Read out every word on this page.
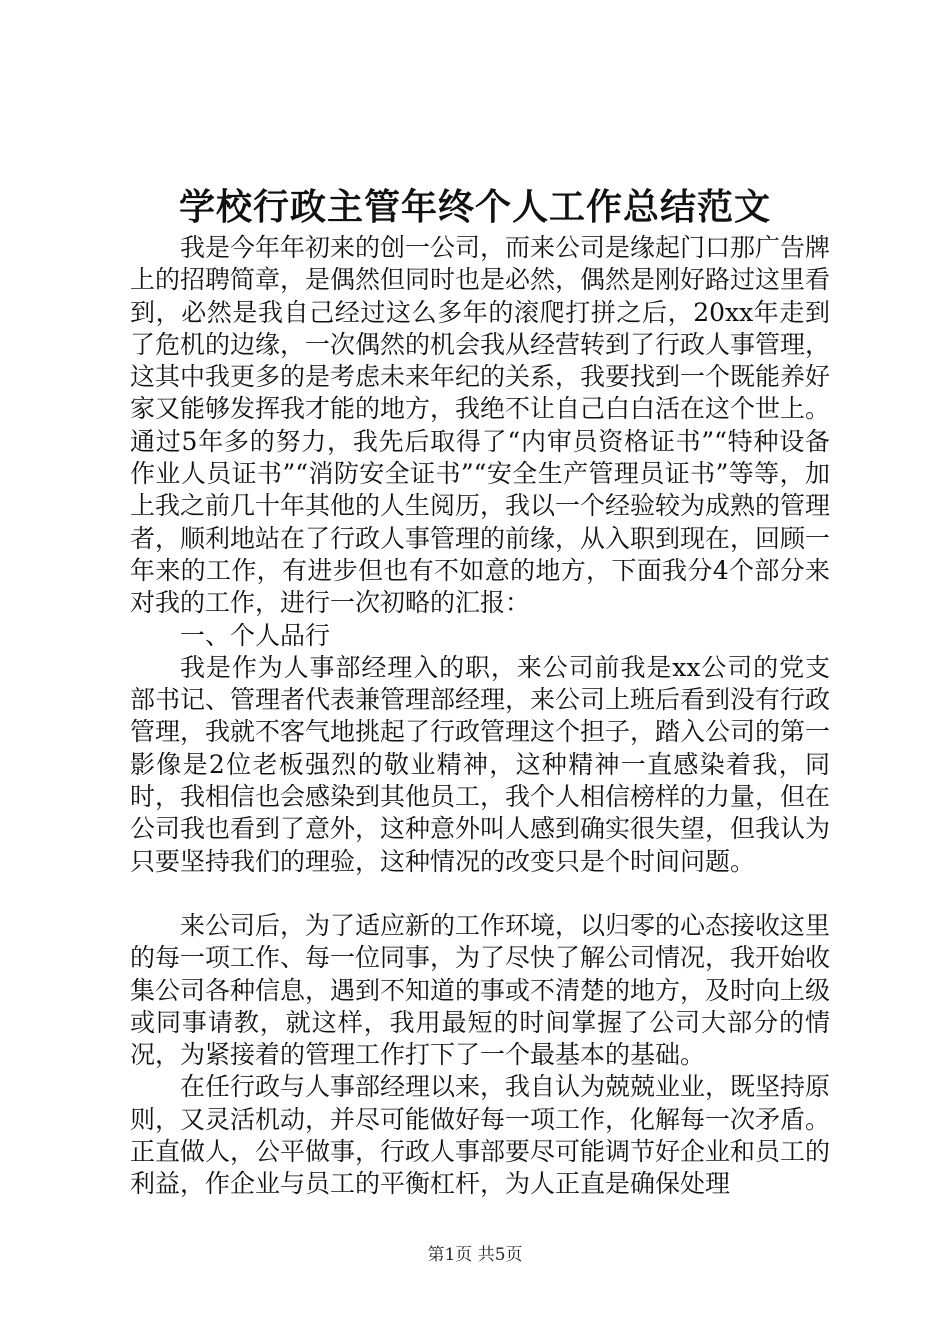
学校行政主管年终个人工作总结范文

我是今年年初来的创一公司，而来公司是缘起门口那广告牌上的招聘简章，是偶然但同时也是必然，偶然是刚好路过这里看到，必然是我自己经过这么多年的滚爬打拼之后，20xx年走到了危机的边缘，一次偶然的机会我从经营转到了行政人事管理，这其中我更多的是考虑未来年纪的关系，我要找到一个既能养好家又能够发挥我才能的地方，我绝不让自己白白活在这个世上。通过5年多的努力，我先后取得了“内审员资格证书”“特种设备作业人员证书”“消防安全证书”“安全生产管理员证书”等等，加上我之前几十年其他的人生阅历，我以一个经验较为成熟的管理者，顺利地站在了行政人事管理的前缘，从入职到现在，回顾一年来的工作，有进步但也有不如意的地方，下面我分4个部分来对我的工作，进行一次初略的汇报：

一、个人品行

我是作为人事部经理入的职，来公司前我是xx公司的党支部书记、管理者代表兼管理部经理，来公司上班后看到没有行政管理，我就不客气地挑起了行政管理这个担子，踏入公司的第一影像是2位老板强烈的敬业精神，这种精神一直感染着我，同时，我相信也会感染到其他员工，我个人相信榜样的力量，但在公司我也看到了意外，这种意外叫人感到确实很失望，但我认为只要坚持我们的理验，这种情况的改变只是个时间问题。

来公司后，为了适应新的工作环境，以归零的心态接收这里的每一项工作、每一位同事，为了尽快了解公司情况，我开始收集公司各种信息，遇到不知道的事或不清楚的地方，及时向上级或同事请教，就这样，我用最短的时间掌握了公司大部分的情况，为紧接着的管理工作打下了一个最基本的基础。

在任行政与人事部经理以来，我自认为兢兢业业，既坚持原则，又灵活机动，并尽可能做好每一项工作，化解每一次矛盾。正直做人，公平做事，行政人事部要尽可能调节好企业和员工的利益，作企业与员工的平衡杠杆，为人正直是确保处理

第1页 共5页
